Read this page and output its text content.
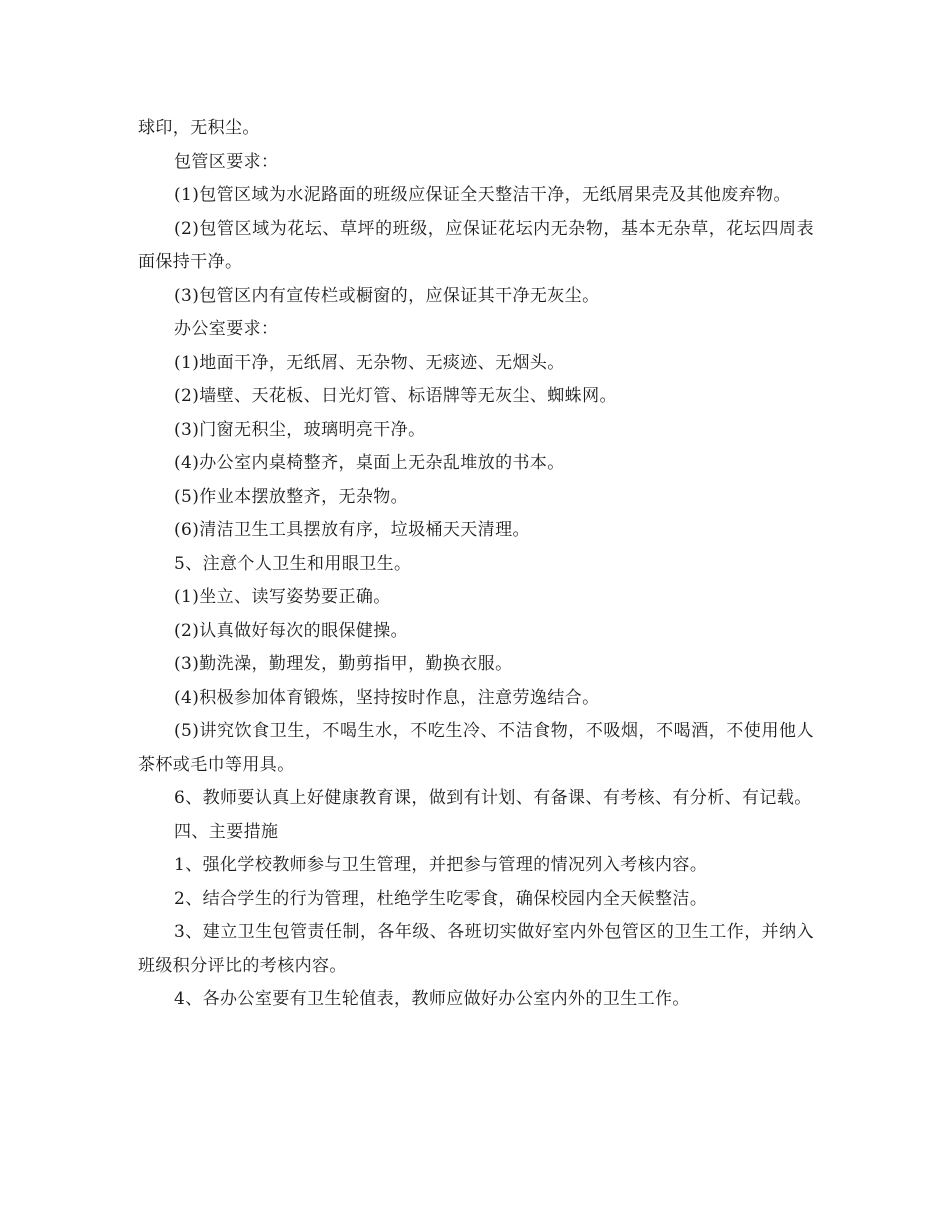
球印，无积尘。

包管区要求：

(1)包管区域为水泥路面的班级应保证全天整洁干净，无纸屑果壳及其他废弃物。

(2)包管区域为花坛、草坪的班级，应保证花坛内无杂物，基本无杂草，花坛四周表面保持干净。

(3)包管区内有宣传栏或橱窗的，应保证其干净无灰尘。

办公室要求：

(1)地面干净，无纸屑、无杂物、无痰迹、无烟头。

(2)墙壁、天花板、日光灯管、标语牌等无灰尘、蜘蛛网。

(3)门窗无积尘，玻璃明亮干净。

(4)办公室内桌椅整齐，桌面上无杂乱堆放的书本。

(5)作业本摆放整齐，无杂物。

(6)清洁卫生工具摆放有序，垃圾桶天天清理。

5、注意个人卫生和用眼卫生。

(1)坐立、读写姿势要正确。

(2)认真做好每次的眼保健操。

(3)勤洗澡，勤理发，勤剪指甲，勤换衣服。

(4)积极参加体育锻炼，坚持按时作息，注意劳逸结合。

(5)讲究饮食卫生，不喝生水，不吃生冷、不洁食物，不吸烟，不喝酒，不使用他人茶杯或毛巾等用具。

6、教师要认真上好健康教育课，做到有计划、有备课、有考核、有分析、有记载。

四、主要措施

1、强化学校教师参与卫生管理，并把参与管理的情况列入考核内容。

2、结合学生的行为管理，杜绝学生吃零食，确保校园内全天候整洁。

3、建立卫生包管责任制，各年级、各班切实做好室内外包管区的卫生工作，并纳入班级积分评比的考核内容。

4、各办公室要有卫生轮值表，教师应做好办公室内外的卫生工作。
